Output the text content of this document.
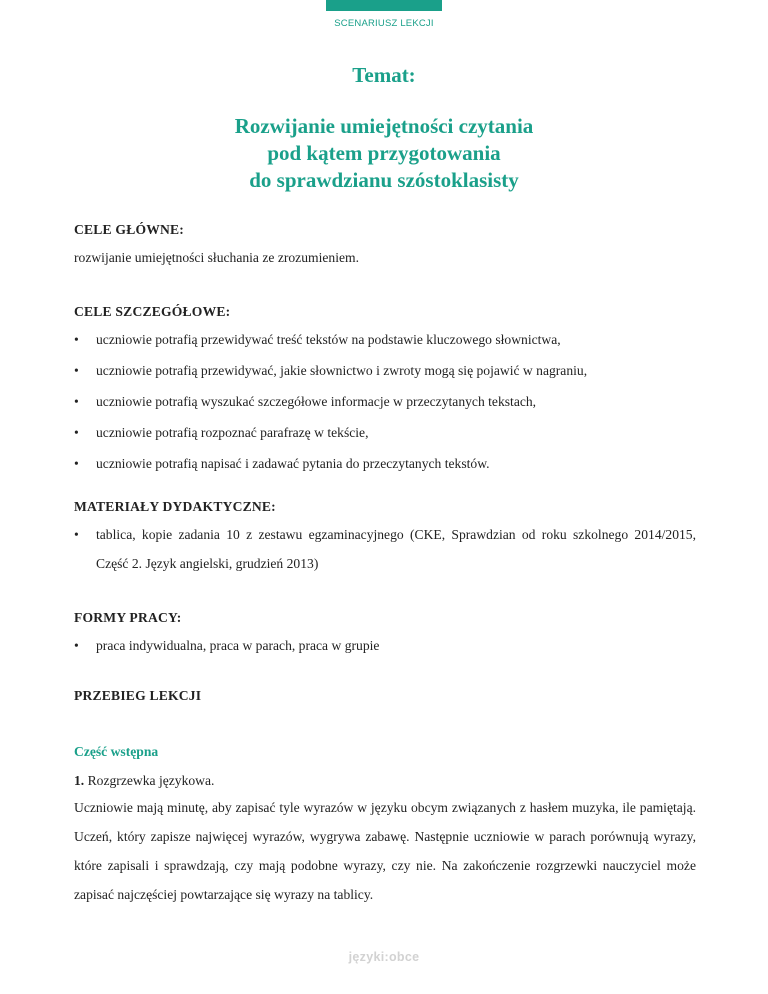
SCENARIUSZ LEKCJI
Temat:
Rozwijanie umiejętności czytania
pod kątem przygotowania
do sprawdzianu szóstoklasisty
CELE GŁÓWNE:
rozwijanie umiejętności słuchania ze zrozumieniem.
CELE SZCZEGÓŁOWE:
•	uczniowie potrafią przewidywać treść tekstów na podstawie kluczowego słownictwa,
•	uczniowie potrafią przewidywać, jakie słownictwo i zwroty mogą się pojawić w nagraniu,
•	uczniowie potrafią wyszukać szczegółowe informacje w przeczytanych tekstach,
•	uczniowie potrafią rozpoznać parafrazę w tekście,
•	uczniowie potrafią napisać i zadawać pytania do przeczytanych tekstów.
MATERIAŁY DYDAKTYCZNE:
•	tablica, kopie zadania 10 z zestawu egzaminacyjnego (CKE, Sprawdzian od roku szkolnego 2014/2015, Część 2. Język angielski, grudzień 2013)
FORMY PRACY:
•	praca indywidualna, praca w parach, praca w grupie
PRZEBIEG LEKCJI
Część wstępna
1. Rozgrzewka językowa.
Uczniowie mają minutę, aby zapisać tyle wyrazów w języku obcym związanych z hasłem muzyka, ile pamiętają. Uczeń, który zapisze najwięcej wyrazów, wygrywa zabawę. Następnie uczniowie w parach porównują wyrazy, które zapisali i sprawdzają, czy mają podobne wyrazy, czy nie. Na zakończenie rozgrzewki nauczyciel może zapisać najczęściej powtarzające się wyrazy na tablicy.
języki:obce
